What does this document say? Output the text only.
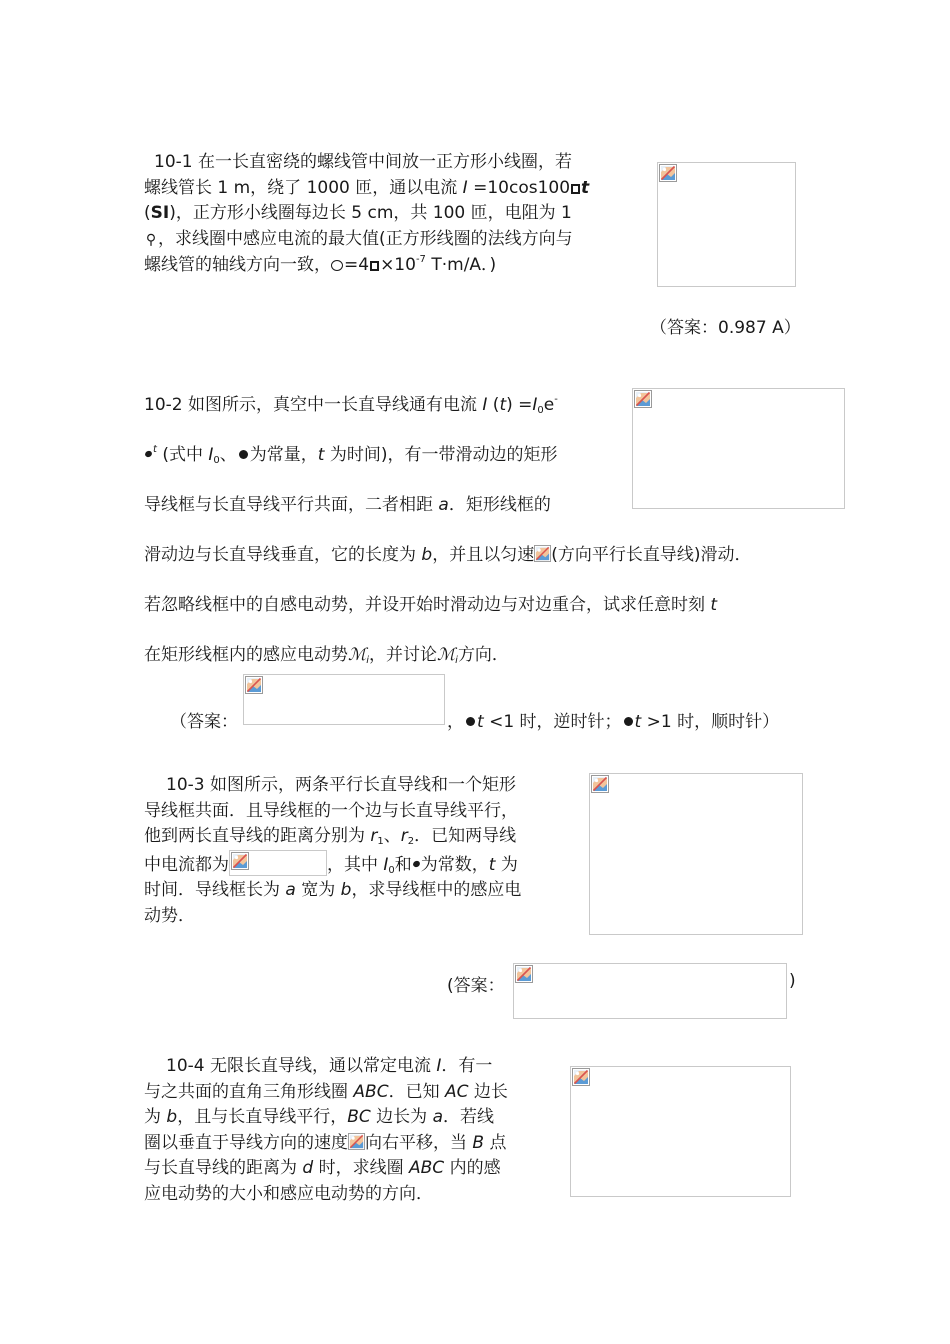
10-1 在一长直密绕的螺线管中间放一正方形小线圈，若
螺线管长 1 m，绕了 1000 匝，通以电流 I =10cos100 t
(SI)，正方形小线圈每边长 5 cm，共 100 匝，电阻为 1
⚲ ，求线圈中感应电流的最大值(正方形线圈的法线方向与
螺线管的轴线方向一致， $=4 \times 10^{-7}$ T·m/A．)
（答案：0.987 A）
10-2 如图所示，真空中一长直导线通有电流 I $(t) =I_0e^-$
$^t$ (式中 $I_0$、 为常量，t 为时间)，有一带滑动边的矩形
导线框与长直导线平行共面，二者相距 a．矩形线框的
滑动边与长直导线垂直，它的长度为 b，并且以匀速 (方向平行长直导线)滑动．
若忽略线框中的自感电动势，并设开始时滑动边与对边重合，试求任意时刻 t
在矩形线框内的感应电动势ℳ$_i$，并讨论ℳ$_i$方向．
（答案：	， t <1 时，逆时针； t >1 时，顺时针）
10-3 如图所示，两条平行长直导线和一个矩形
导线框共面．且导线框的一个边与长直导线平行，
他到两长直导线的距离分别为 $r_1$、$r_2$．已知两导线
中电流都为	，其中 $I_0$和 为常数，t 为
时间．导线框长为 a 宽为 b，求导线框中的感应电
动势．
(答案：	)
10-4 无限长直导线，通以常定电流 I．有一
与之共面的直角三角形线圈 ABC．已知 AC 边长
为 b，且与长直导线平行，BC 边长为 a．若线
圈以垂直于导线方向的速度 向右平移，当 B 点
与长直导线的距离为 d 时，求线圈 ABC 内的感
应电动势的大小和感应电动势的方向．
